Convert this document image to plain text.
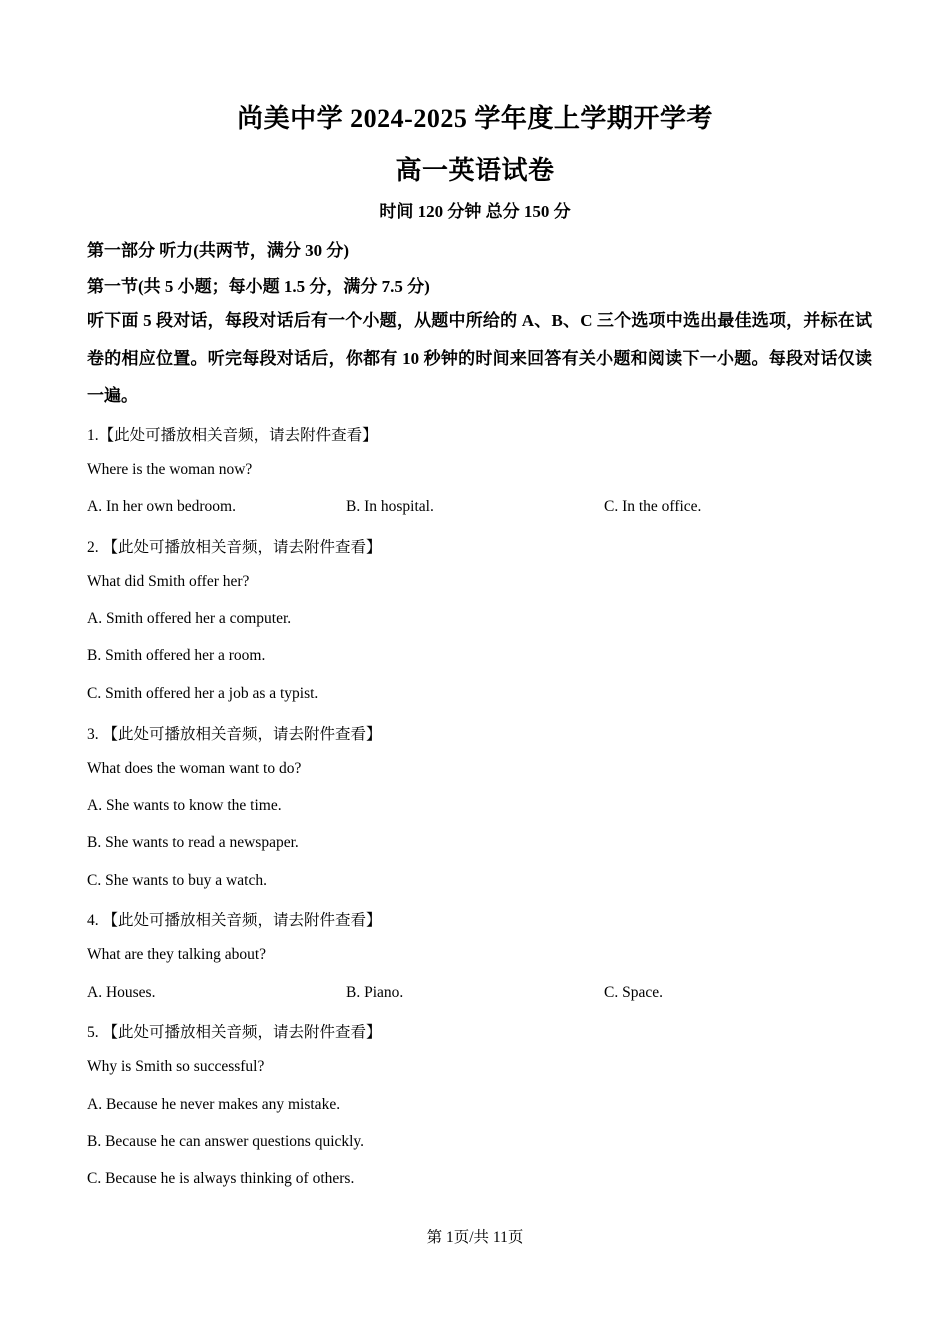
尚美中学 2024-2025 学年度上学期开学考
高一英语试卷
时间 120 分钟 总分 150 分
第一部分 听力(共两节，满分 30 分)
第一节(共 5 小题；每小题 1.5 分，满分 7.5 分)
听下面 5 段对话，每段对话后有一个小题，从题中所给的 A、B、C 三个选项中选出最佳选项，并标在试卷的相应位置。听完每段对话后，你都有 10 秒钟的时间来回答有关小题和阅读下一小题。每段对话仅读一遍。
1.【此处可播放相关音频，请去附件查看】
Where is the woman now?
A. In her own bedroom.	B. In hospital.	C. In the office.
2. 【此处可播放相关音频，请去附件查看】
What did Smith offer her?
A. Smith offered her a computer.
B. Smith offered her a room.
C. Smith offered her a job as a typist.
3. 【此处可播放相关音频，请去附件查看】
What does the woman want to do?
A. She wants to know the time.
B. She wants to read a newspaper.
C. She wants to buy a watch.
4. 【此处可播放相关音频，请去附件查看】
What are they talking about?
A. Houses.	B. Piano.	C. Space.
5. 【此处可播放相关音频，请去附件查看】
Why is Smith so successful?
A. Because he never makes any mistake.
B. Because he can answer questions quickly.
C. Because he is always thinking of others.
第 1页/共 11页
